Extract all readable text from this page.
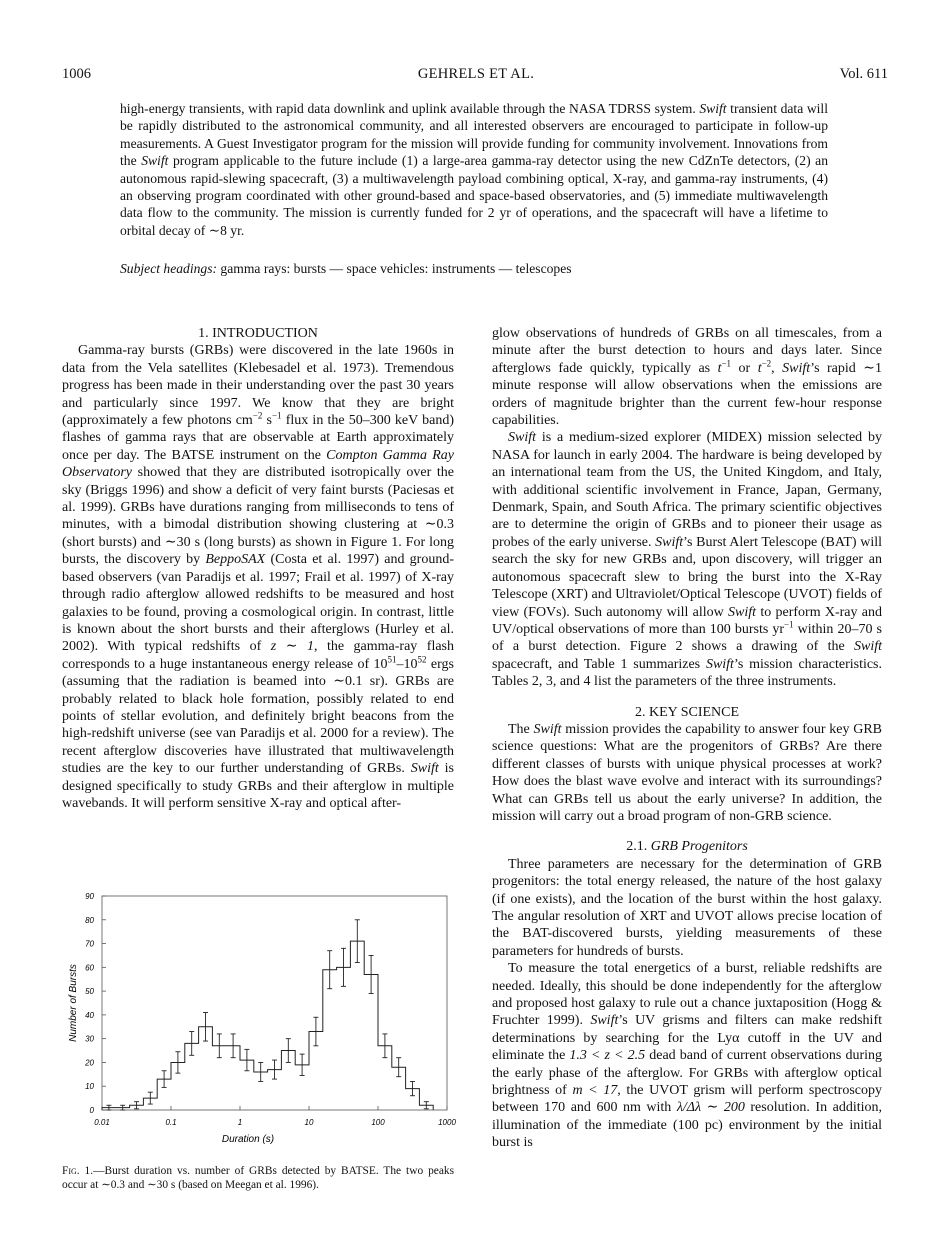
1006	GEHRELS ET AL.	Vol. 611
high-energy transients, with rapid data downlink and uplink available through the NASA TDRSS system. Swift transient data will be rapidly distributed to the astronomical community, and all interested observers are encouraged to participate in follow-up measurements. A Guest Investigator program for the mission will provide funding for community involvement. Innovations from the Swift program applicable to the future include (1) a large-area gamma-ray detector using the new CdZnTe detectors, (2) an autonomous rapid-slewing spacecraft, (3) a multiwavelength payload combining optical, X-ray, and gamma-ray instruments, (4) an observing program coordinated with other ground-based and space-based observatories, and (5) immediate multiwavelength data flow to the community. The mission is currently funded for 2 yr of operations, and the spacecraft will have a lifetime to orbital decay of ∼8 yr.
Subject headings: gamma rays: bursts — space vehicles: instruments — telescopes

1. INTRODUCTION

Gamma-ray bursts (GRBs) were discovered in the late 1960s in data from the Vela satellites (Klebesadel et al. 1973). Tremendous progress has been made in their understanding over the past 30 years and particularly since 1997. We know that they are bright (approximately a few photons $cm^{-2}$ $s^{-1}$ flux in the 50–300 keV band) flashes of gamma rays that are observable at Earth approximately once per day. The BATSE instrument on the Compton Gamma Ray Observatory showed that they are distributed isotropically over the sky (Briggs 1996) and show a deficit of very faint bursts (Paciesas et al. 1999). GRBs have durations ranging from milliseconds to tens of minutes, with a bimodal distribution showing clustering at ∼0.3 (short bursts) and ∼30 s (long bursts) as shown in Figure 1. For long bursts, the discovery by BeppoSAX (Costa et al. 1997) and ground-based observers (van Paradijs et al. 1997; Frail et al. 1997) of X-ray through radio afterglow allowed redshifts to be measured and host galaxies to be found, proving a cosmological origin. In contrast, little is known about the short bursts and their afterglows (Hurley et al. 2002). With typical redshifts of z ∼ 1, the gamma-ray flash corresponds to a huge instantaneous energy release of $10^{51}-10^{52}$ ergs (assuming that the radiation is beamed into ∼0.1 sr). GRBs are probably related to black hole formation, possibly related to end points of stellar evolution, and definitely bright beacons from the high-redshift universe (see van Paradijs et al. 2000 for a review). The recent afterglow discoveries have illustrated that multiwavelength studies are the key to our further understanding of GRBs. Swift is designed specifically to study GRBs and their afterglow in multiple wavebands. It will perform sensitive X-ray and optical after-

glow observations of hundreds of GRBs on all timescales, from a minute after the burst detection to hours and days later. Since afterglows fade quickly, typically as $t^{-1}$ or $t^{-2}$, Swift’s rapid ∼1 minute response will allow observations when the emissions are orders of magnitude brighter than the current few-hour response capabilities.

Swift is a medium-sized explorer (MIDEX) mission selected by NASA for launch in early 2004. The hardware is being developed by an international team from the US, the United Kingdom, and Italy, with additional scientific involvement in France, Japan, Germany, Denmark, Spain, and South Africa. The primary scientific objectives are to determine the origin of GRBs and to pioneer their usage as probes of the early universe. Swift’s Burst Alert Telescope (BAT) will search the sky for new GRBs and, upon discovery, will trigger an autonomous spacecraft slew to bring the burst into the X-Ray Telescope (XRT) and Ultraviolet/Optical Telescope (UVOT) fields of view (FOVs). Such autonomy will allow Swift to perform X-ray and UV/optical observations of more than 100 bursts $yr^{-1}$ within 20–70 s of a burst detection. Figure 2 shows a drawing of the Swift spacecraft, and Table 1 summarizes Swift’s mission characteristics. Tables 2, 3, and 4 list the parameters of the three instruments.

2. KEY SCIENCE

The Swift mission provides the capability to answer four key GRB science questions: What are the progenitors of GRBs? Are there different classes of bursts with unique physical processes at work? How does the blast wave evolve and interact with its surroundings? What can GRBs tell us about the early universe? In addition, the mission will carry out a broad program of non-GRB science.

2.1. GRB Progenitors

Three parameters are necessary for the determination of GRB progenitors: the total energy released, the nature of the host galaxy (if one exists), and the location of the burst within the host galaxy. The angular resolution of XRT and UVOT allows precise location of the BAT-discovered bursts, yielding measurements of these parameters for hundreds of bursts.

To measure the total energetics of a burst, reliable redshifts are needed. Ideally, this should be done independently for the afterglow and proposed host galaxy to rule out a chance juxtaposition (Hogg & Fruchter 1999). Swift’s UV grisms and filters can make redshift determinations by searching for the Lyα cutoff in the UV and eliminate the 1.3 < z < 2.5 dead band of current observations during the early phase of the afterglow. For GRBs with afterglow optical brightness of m < 17, the UVOT grism will perform spectroscopy between 170 and 600 nm with λ/Δλ ∼ 200 resolution. In addition, illumination of the immediate (100 pc) environment by the initial burst is

0
10
20
30
40
50
60
70
80
90
0.01	0.1	1	10	100	1000
Duration (s)
Number of Bursts
Fig. 1.—Burst duration vs. number of GRBs detected by BATSE. The two peaks occur at ∼0.3 and ∼30 s (based on Meegan et al. 1996).
